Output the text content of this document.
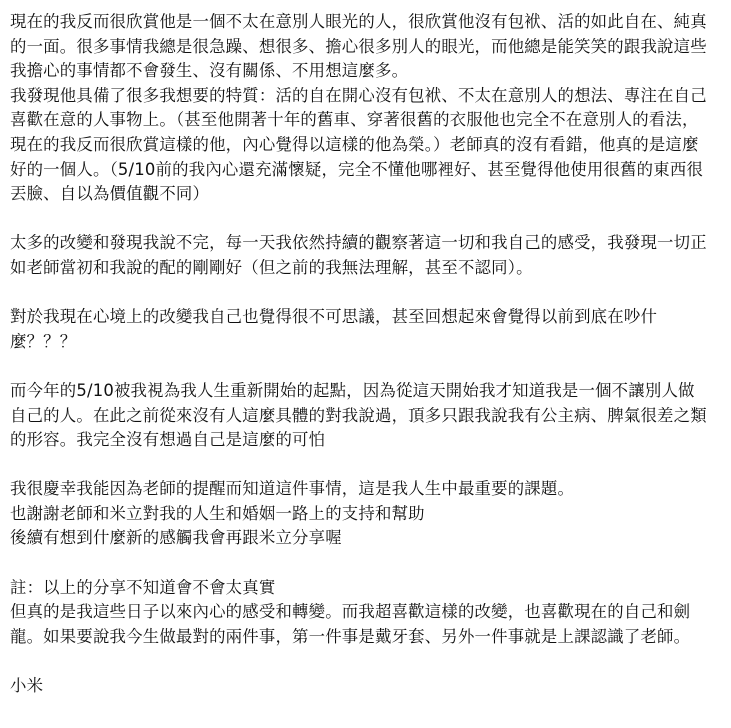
現在的我反而很欣賞他是一個不太在意別人眼光的人，很欣賞他沒有包袱、活的如此自在、純真的一面。很多事情我總是很急躁、想很多、擔心很多別人的眼光，而他總是能笑笑的跟我說這些我擔心的事情都不會發生、沒有關係、不用想這麼多。

我發現他具備了很多我想要的特質：活的自在開心沒有包袱、不太在意別人的想法、專注在自己喜歡在意的人事物上。（甚至他開著十年的舊車、穿著很舊的衣服他也完全不在意別人的看法，現在的我反而很欣賞這樣的他，內心覺得以這樣的他為榮。）老師真的沒有看錯，他真的是這麼好的一個人。（5/10前的我內心還充滿懷疑，完全不懂他哪裡好、甚至覺得他使用很舊的東西很丟臉、自以為價值觀不同）

太多的改變和發現我說不完，每一天我依然持續的觀察著這一切和我自己的感受，我發現一切正如老師當初和我說的配的剛剛好（但之前的我無法理解，甚至不認同）。

對於我現在心境上的改變我自己也覺得很不可思議，甚至回想起來會覺得以前到底在吵什麼？？？

而今年的5/10被我視為我人生重新開始的起點，因為從這天開始我才知道我是一個不讓別人做自己的人。在此之前從來沒有人這麼具體的對我說過，頂多只跟我說我有公主病、脾氣很差之類的形容。我完全沒有想過自己是這麼的可怕

我很慶幸我能因為老師的提醒而知道這件事情，這是我人生中最重要的課題。

也謝謝老師和米立對我的人生和婚姻一路上的支持和幫助

後續有想到什麼新的感觸我會再跟米立分享喔

註：以上的分享不知道會不會太真實

但真的是我這些日子以來內心的感受和轉變。而我超喜歡這樣的改變，也喜歡現在的自己和劍龍。如果要說我今生做最對的兩件事，第一件事是戴牙套、另外一件事就是上課認識了老師。

小米
